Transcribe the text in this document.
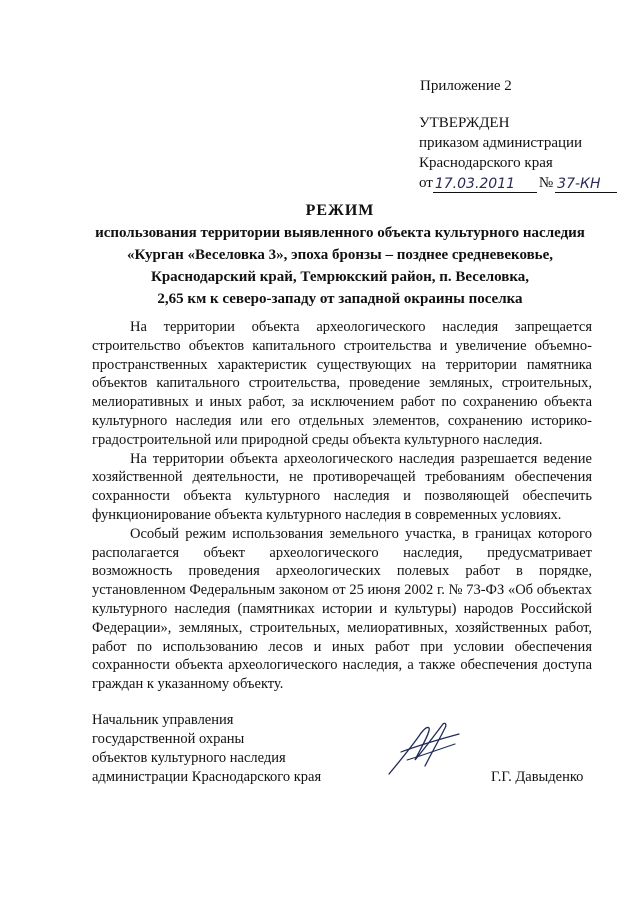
Приложение 2
УТВЕРЖДЕН
приказом администрации
Краснодарского края
от 17.03.2011	№ 37-КН
РЕЖИМ
использования территории выявленного объекта культурного наследия
«Курган «Веселовка 3», эпоха бронзы – позднее средневековье,
Краснодарский край, Темрюкский район, п. Веселовка,
2,65 км к северо-западу от западной окраины поселка

На территории объекта археологического наследия запрещается строительство объектов капитального строительства и увеличение объемно-пространственных характеристик существующих на территории памятника объектов капитального строительства, проведение земляных, строительных, мелиоративных и иных работ, за исключением работ по сохранению объекта культурного наследия или его отдельных элементов, сохранению историко-градостроительной или природной среды объекта культурного наследия.

На территории объекта археологического наследия разрешается ведение хозяйственной деятельности, не противоречащей требованиям обеспечения сохранности объекта культурного наследия и позволяющей обеспечить функционирование объекта культурного наследия в современных условиях.

Особый режим использования земельного участка, в границах которого располагается объект археологического наследия, предусматривает возможность проведения археологических полевых работ в порядке, установленном Федеральным законом от 25 июня 2002 г. № 73-ФЗ «Об объектах культурного наследия (памятниках истории и культуры) народов Российской Федерации», земляных, строительных, мелиоративных, хозяйственных работ, работ по использованию лесов и иных работ при условии обеспечения сохранности объекта археологического наследия, а также обеспечения доступа граждан к указанному объекту.

Начальник управления
государственной охраны
объектов культурного наследия
администрации Краснодарского края	Г.Г. Давыденко
